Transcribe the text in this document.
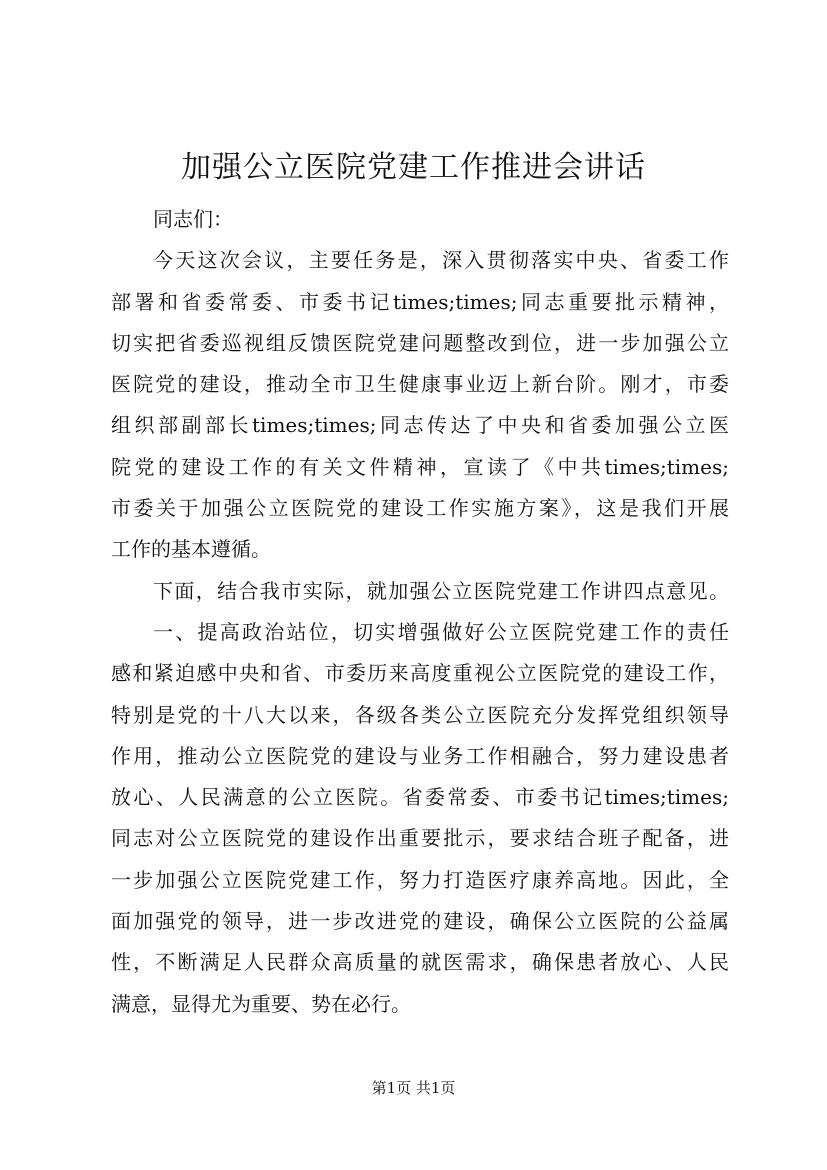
加强公立医院党建工作推进会讲话
同志们：
今天这次会议，主要任务是，深入贯彻落实中央、省委工作
部署和省委常委、市委书记times;times;同志重要批示精神，
切实把省委巡视组反馈医院党建问题整改到位，进一步加强公立
医院党的建设，推动全市卫生健康事业迈上新台阶。刚才，市委
组织部副部长times;times;同志传达了中央和省委加强公立医
院党的建设工作的有关文件精神，宣读了《中共times;times;
市委关于加强公立医院党的建设工作实施方案》，这是我们开展
工作的基本遵循。
下面，结合我市实际，就加强公立医院党建工作讲四点意见。
一、提高政治站位，切实增强做好公立医院党建工作的责任
感和紧迫感中央和省、市委历来高度重视公立医院党的建设工作，
特别是党的十八大以来，各级各类公立医院充分发挥党组织领导
作用，推动公立医院党的建设与业务工作相融合，努力建设患者
放心、人民满意的公立医院。省委常委、市委书记times;times;
同志对公立医院党的建设作出重要批示，要求结合班子配备，进
一步加强公立医院党建工作，努力打造医疗康养高地。因此，全
面加强党的领导，进一步改进党的建设，确保公立医院的公益属
性，不断满足人民群众高质量的就医需求，确保患者放心、人民
满意，显得尤为重要、势在必行。
第1页 共1页
